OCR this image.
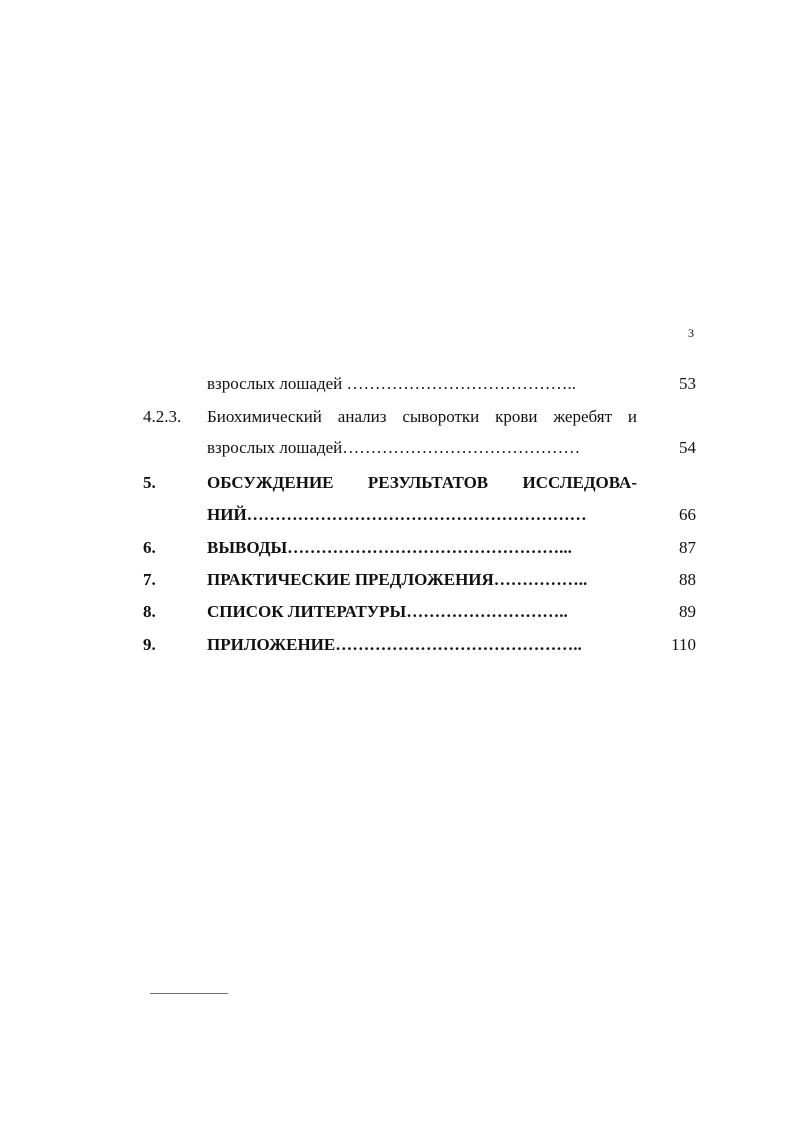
3
взрослых лошадей …………………………………..	53
4.2.3. Биохимический анализ сыворотки крови жеребят и
взрослых лошадей……………………………………	54
5.	ОБСУЖДЕНИЕ РЕЗУЛЬТАТОВ ИССЛЕДОВА-
НИЙ……………………………………………………	66
6.	ВЫВОДЫ…………………………………………...	87
7.	ПРАКТИЧЕСКИЕ ПРЕДЛОЖЕНИЯ……………..	88
8.	СПИСОК ЛИТЕРАТУРЫ………………………..	89
9.	ПРИЛОЖЕНИЕ……………………………………..	110
